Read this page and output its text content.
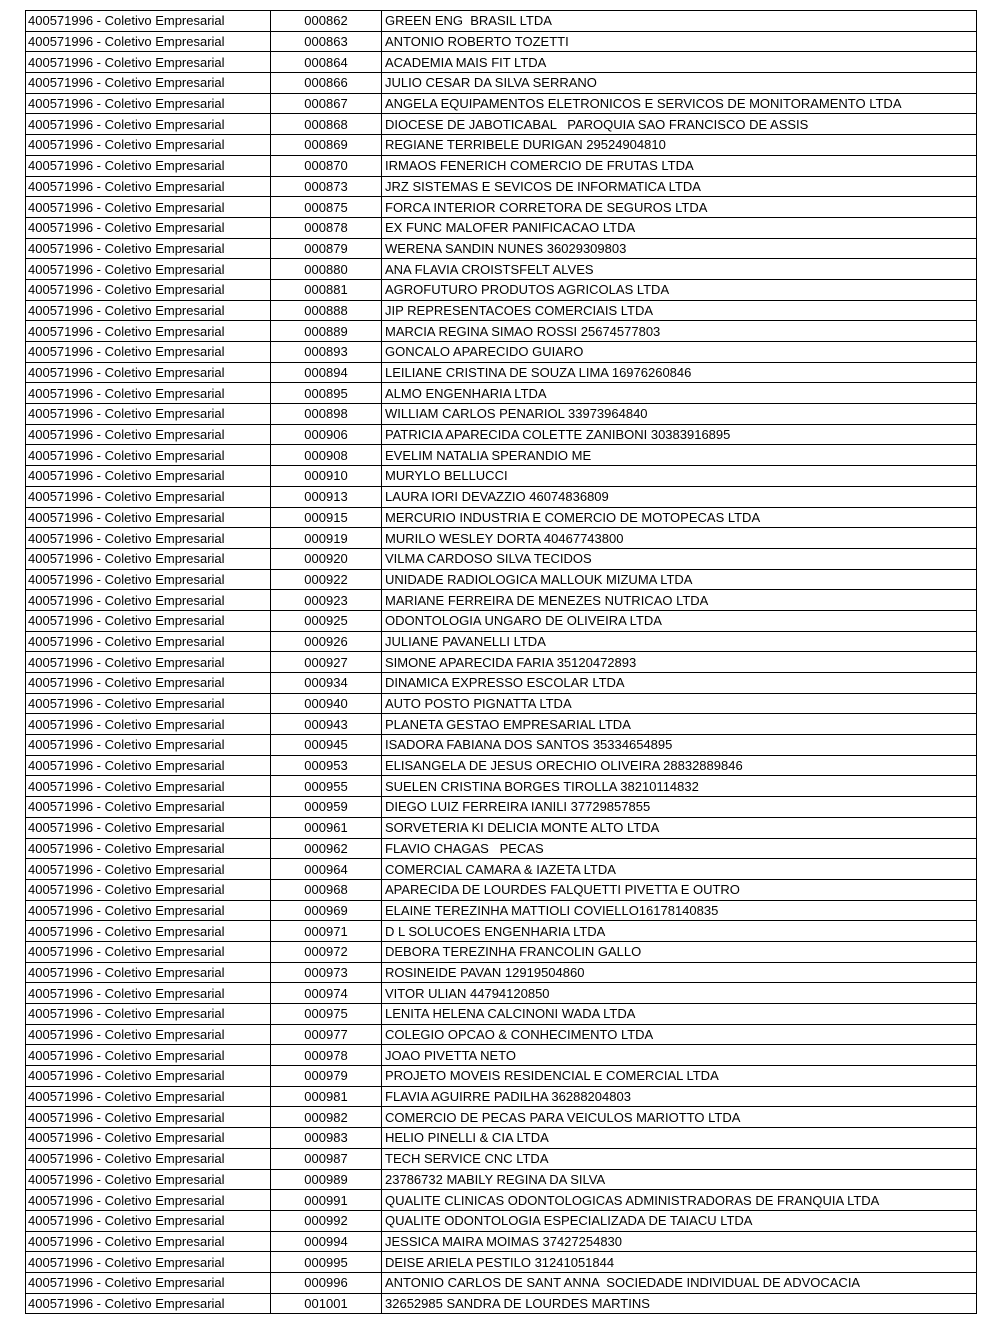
400571996 - Coletivo Empresarial	000862	GREEN ENG  BRASIL LTDA
400571996 - Coletivo Empresarial	000863	ANTONIO ROBERTO TOZETTI
400571996 - Coletivo Empresarial	000864	ACADEMIA MAIS FIT LTDA
400571996 - Coletivo Empresarial	000866	JULIO CESAR DA SILVA SERRANO
400571996 - Coletivo Empresarial	000867	ANGELA EQUIPAMENTOS ELETRONICOS E SERVICOS DE MONITORAMENTO LTDA
400571996 - Coletivo Empresarial	000868	DIOCESE DE JABOTICABAL   PAROQUIA SAO FRANCISCO DE ASSIS
400571996 - Coletivo Empresarial	000869	REGIANE TERRIBELE DURIGAN 29524904810
400571996 - Coletivo Empresarial	000870	IRMAOS FENERICH COMERCIO DE FRUTAS LTDA
400571996 - Coletivo Empresarial	000873	JRZ SISTEMAS E SEVICOS DE INFORMATICA LTDA
400571996 - Coletivo Empresarial	000875	FORCA INTERIOR CORRETORA DE SEGUROS LTDA
400571996 - Coletivo Empresarial	000878	EX FUNC MALOFER PANIFICACAO LTDA
400571996 - Coletivo Empresarial	000879	WERENA SANDIN NUNES 36029309803
400571996 - Coletivo Empresarial	000880	ANA FLAVIA CROISTSFELT ALVES
400571996 - Coletivo Empresarial	000881	AGROFUTURO PRODUTOS AGRICOLAS LTDA
400571996 - Coletivo Empresarial	000888	JIP REPRESENTACOES COMERCIAIS LTDA
400571996 - Coletivo Empresarial	000889	MARCIA REGINA SIMAO ROSSI 25674577803
400571996 - Coletivo Empresarial	000893	GONCALO APARECIDO GUIARO
400571996 - Coletivo Empresarial	000894	LEILIANE CRISTINA DE SOUZA LIMA 16976260846
400571996 - Coletivo Empresarial	000895	ALMO ENGENHARIA LTDA
400571996 - Coletivo Empresarial	000898	WILLIAM CARLOS PENARIOL 33973964840
400571996 - Coletivo Empresarial	000906	PATRICIA APARECIDA COLETTE ZANIBONI 30383916895
400571996 - Coletivo Empresarial	000908	EVELIM NATALIA SPERANDIO ME
400571996 - Coletivo Empresarial	000910	MURYLO BELLUCCI
400571996 - Coletivo Empresarial	000913	LAURA IORI DEVAZZIO 46074836809
400571996 - Coletivo Empresarial	000915	MERCURIO INDUSTRIA E COMERCIO DE MOTOPECAS LTDA
400571996 - Coletivo Empresarial	000919	MURILO WESLEY DORTA 40467743800
400571996 - Coletivo Empresarial	000920	VILMA CARDOSO SILVA TECIDOS
400571996 - Coletivo Empresarial	000922	UNIDADE RADIOLOGICA MALLOUK MIZUMA LTDA
400571996 - Coletivo Empresarial	000923	MARIANE FERREIRA DE MENEZES NUTRICAO LTDA
400571996 - Coletivo Empresarial	000925	ODONTOLOGIA UNGARO DE OLIVEIRA LTDA
400571996 - Coletivo Empresarial	000926	JULIANE PAVANELLI LTDA
400571996 - Coletivo Empresarial	000927	SIMONE APARECIDA FARIA 35120472893
400571996 - Coletivo Empresarial	000934	DINAMICA EXPRESSO ESCOLAR LTDA
400571996 - Coletivo Empresarial	000940	AUTO POSTO PIGNATTA LTDA
400571996 - Coletivo Empresarial	000943	PLANETA GESTAO EMPRESARIAL LTDA
400571996 - Coletivo Empresarial	000945	ISADORA FABIANA DOS SANTOS 35334654895
400571996 - Coletivo Empresarial	000953	ELISANGELA DE JESUS ORECHIO OLIVEIRA 28832889846
400571996 - Coletivo Empresarial	000955	SUELEN CRISTINA BORGES TIROLLA 38210114832
400571996 - Coletivo Empresarial	000959	DIEGO LUIZ FERREIRA IANILI 37729857855
400571996 - Coletivo Empresarial	000961	SORVETERIA KI DELICIA MONTE ALTO LTDA
400571996 - Coletivo Empresarial	000962	FLAVIO CHAGAS   PECAS
400571996 - Coletivo Empresarial	000964	COMERCIAL CAMARA & IAZETA LTDA
400571996 - Coletivo Empresarial	000968	APARECIDA DE LOURDES FALQUETTI PIVETTA E OUTRO
400571996 - Coletivo Empresarial	000969	ELAINE TEREZINHA MATTIOLI COVIELLO16178140835
400571996 - Coletivo Empresarial	000971	D L SOLUCOES ENGENHARIA LTDA
400571996 - Coletivo Empresarial	000972	DEBORA TEREZINHA FRANCOLIN GALLO
400571996 - Coletivo Empresarial	000973	ROSINEIDE PAVAN 12919504860
400571996 - Coletivo Empresarial	000974	VITOR ULIAN 44794120850
400571996 - Coletivo Empresarial	000975	LENITA HELENA CALCINONI WADA LTDA
400571996 - Coletivo Empresarial	000977	COLEGIO OPCAO & CONHECIMENTO LTDA
400571996 - Coletivo Empresarial	000978	JOAO PIVETTA NETO
400571996 - Coletivo Empresarial	000979	PROJETO MOVEIS RESIDENCIAL E COMERCIAL LTDA
400571996 - Coletivo Empresarial	000981	FLAVIA AGUIRRE PADILHA 36288204803
400571996 - Coletivo Empresarial	000982	COMERCIO DE PECAS PARA VEICULOS MARIOTTO LTDA
400571996 - Coletivo Empresarial	000983	HELIO PINELLI & CIA LTDA
400571996 - Coletivo Empresarial	000987	TECH SERVICE CNC LTDA
400571996 - Coletivo Empresarial	000989	23786732 MABILY REGINA DA SILVA
400571996 - Coletivo Empresarial	000991	QUALITE CLINICAS ODONTOLOGICAS ADMINISTRADORAS DE FRANQUIA LTDA
400571996 - Coletivo Empresarial	000992	QUALITE ODONTOLOGIA ESPECIALIZADA DE TAIACU LTDA
400571996 - Coletivo Empresarial	000994	JESSICA MAIRA MOIMAS 37427254830
400571996 - Coletivo Empresarial	000995	DEISE ARIELA PESTILO 31241051844
400571996 - Coletivo Empresarial	000996	ANTONIO CARLOS DE SANT ANNA  SOCIEDADE INDIVIDUAL DE ADVOCACIA
400571996 - Coletivo Empresarial	001001	32652985 SANDRA DE LOURDES MARTINS
